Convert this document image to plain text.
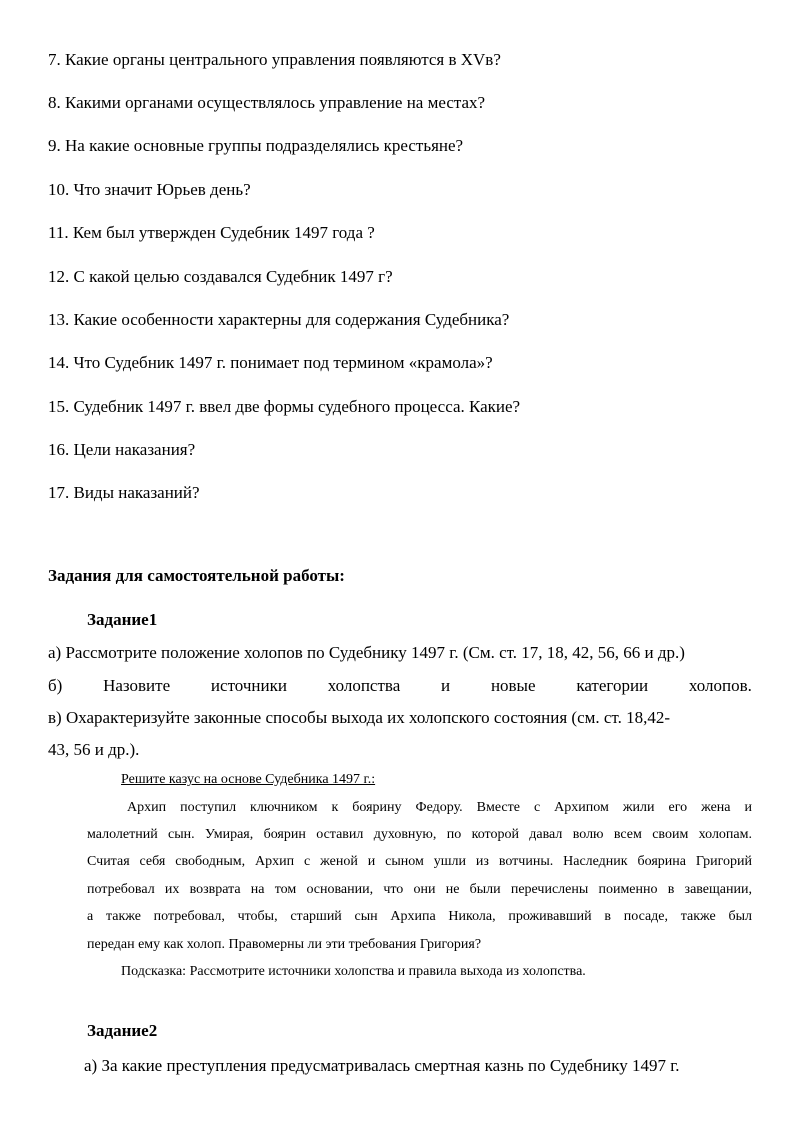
7. Какие органы центрального управления появляются в XVв?
8. Какими органами осуществлялось управление на местах?
9. На какие основные группы подразделялись крестьяне?
10. Что значит Юрьев день?
11. Кем был утвержден Судебник 1497 года ?
12. С какой целью создавался Судебник 1497 г?
13. Какие особенности характерны для содержания Судебника?
14. Что Судебник 1497 г. понимает под термином «крамола»?
15. Судебник 1497 г. ввел две формы судебного процесса. Какие?
16. Цели наказания?
17. Виды наказаний?
Задания для самостоятельной работы:
Задание1
а) Рассмотрите положение холопов по Судебнику 1497 г. (См. ст. 17, 18, 42, 56, 66 и др.)
б) Назовите источники холопства и новые категории холопов.
в) Охарактеризуйте законные способы выхода их холопского состояния (см. ст. 18,42-
43, 56 и др.).
Решите казус на основе Судебника 1497 г.:
Архип поступил ключником к боярину Федору. Вместе с Архипом жили его жена и
малолетний сын. Умирая, боярин оставил духовную, по которой давал волю всем своим холопам.
Считая себя свободным, Архип с женой и сыном ушли из вотчины. Наследник боярина Григорий
потребовал их возврата на том основании, что они не были перечислены поименно в завещании,
а также потребовал, чтобы, старший сын Архипа Никола, проживавший в посаде, также был
передан ему как холоп. Правомерны ли эти требования Григория?
Подсказка: Рассмотрите источники холопства и правила выхода из холопства.
Задание2
а) За какие преступления предусматривалась смертная казнь по Судебнику 1497 г.
